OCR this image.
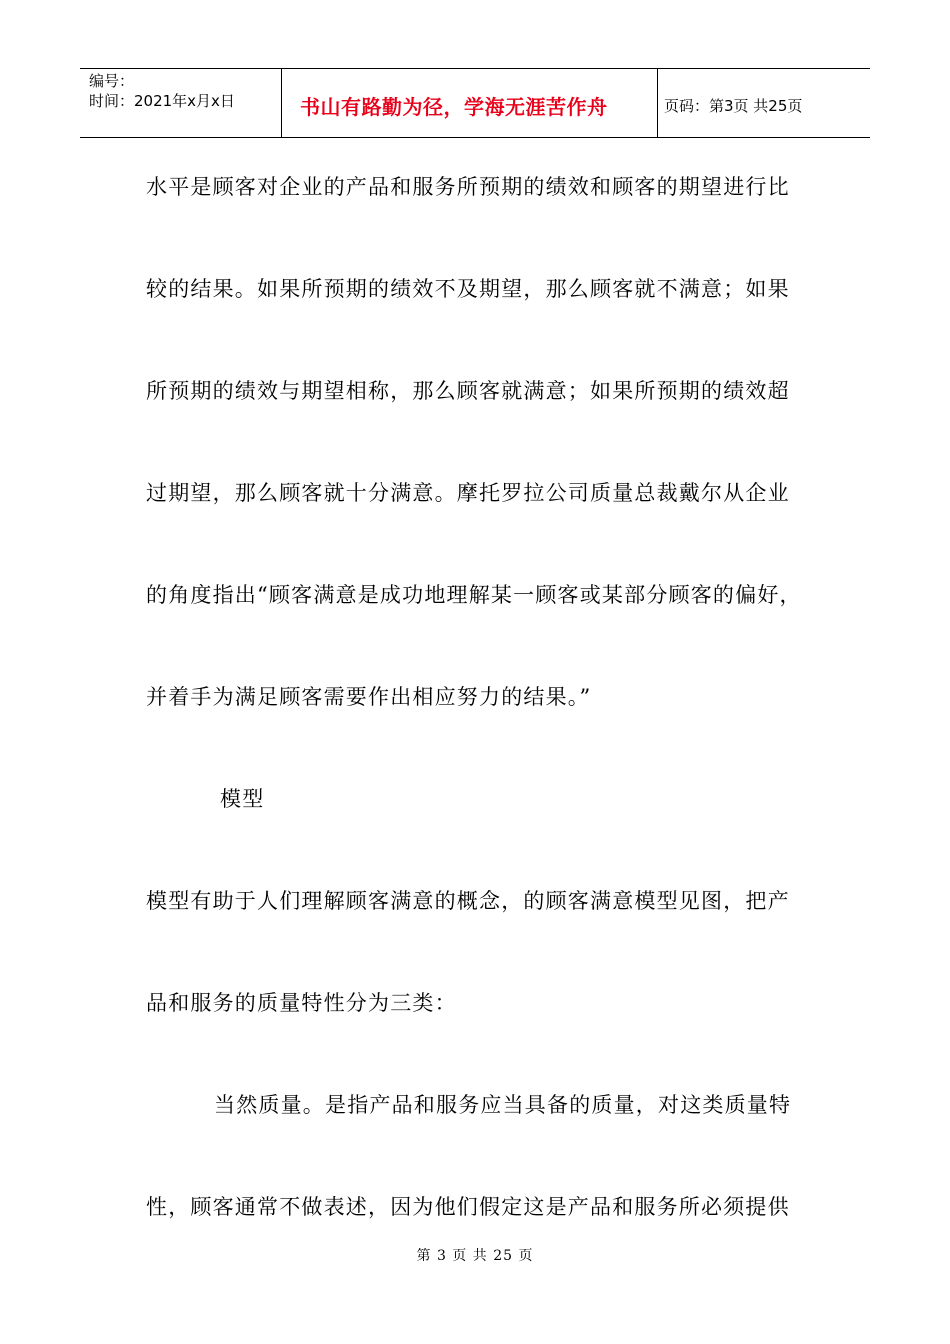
编号：
时间：2021年x月x日	书山有路勤为径，学海无涯苦作舟	页码：第3页 共25页
水平是顾客对企业的产品和服务所预期的绩效和顾客的期望进行比
较的结果。如果所预期的绩效不及期望，那么顾客就不满意；如果
所预期的绩效与期望相称，那么顾客就满意；如果所预期的绩效超
过期望，那么顾客就十分满意。摩托罗拉公司质量总裁戴尔从企业
的角度指出“顾客满意是成功地理解某一顾客或某部分顾客的偏好，
并着手为满足顾客需要作出相应努力的结果。”
模型
模型有助于人们理解顾客满意的概念，的顾客满意模型见图，把产
品和服务的质量特性分为三类：
当然质量。是指产品和服务应当具备的质量，对这类质量特
性，顾客通常不做表述，因为他们假定这是产品和服务所必须提供
第 3 页 共 25 页
